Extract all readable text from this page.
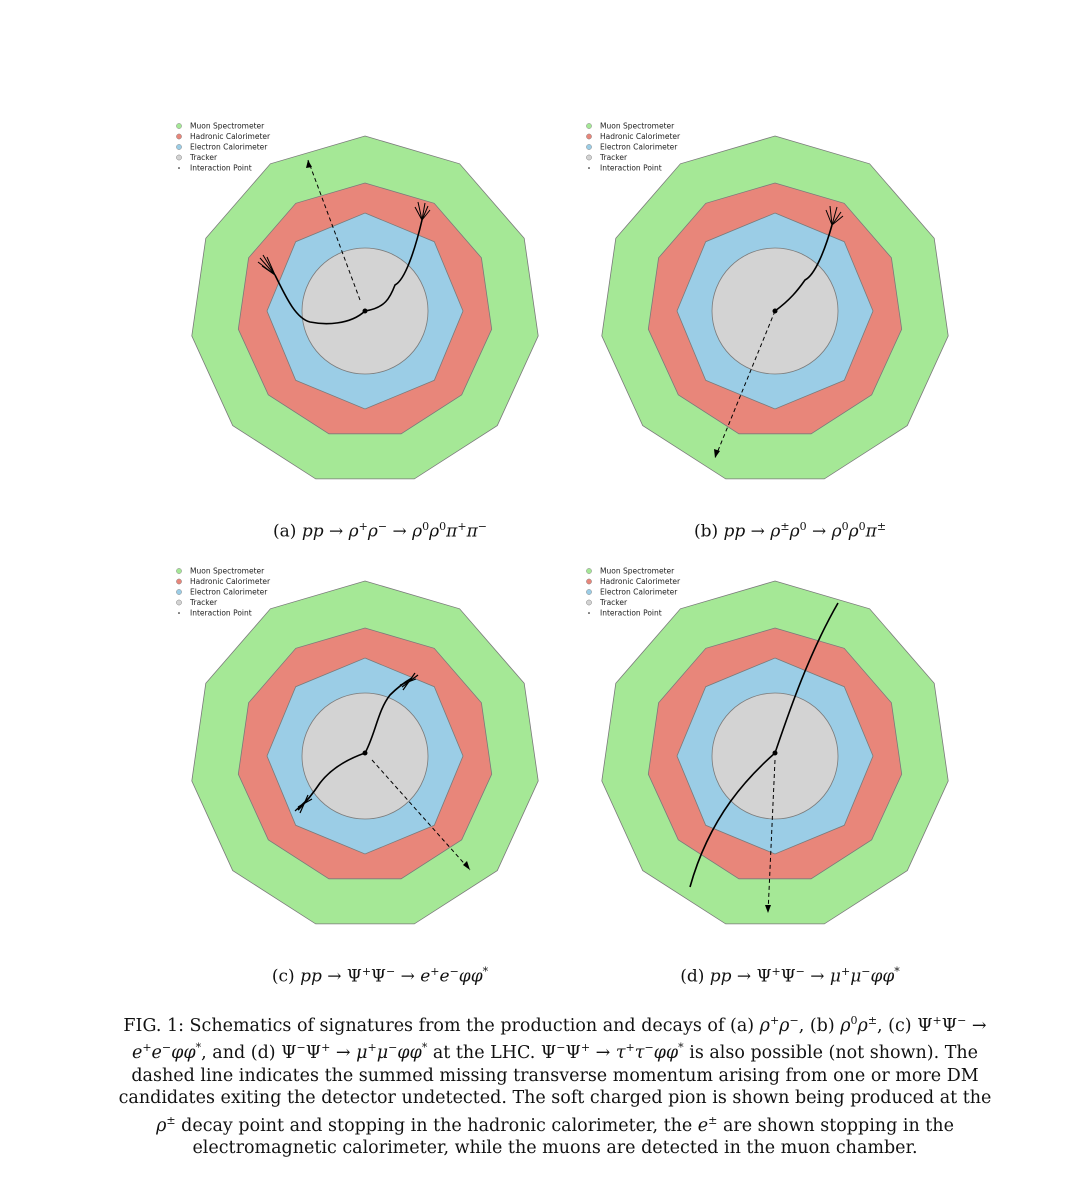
Muon Spectrometer
Hadronic Calorimeter
Electron Calorimeter
Tracker
Interaction Point
(a) pp → $\rho^+\rho^- \to \rho^0\rho^0\pi^+\pi^-$
Muon Spectrometer
Hadronic Calorimeter
Electron Calorimeter
Tracker
Interaction Point
(b) pp → $\rho^\pm\rho^0 \to \rho^0\rho^0\pi^\pm$
Muon Spectrometer
Hadronic Calorimeter
Electron Calorimeter
Tracker
Interaction Point
(c) pp → Ψ+Ψ− → e+e−φφ*
Muon Spectrometer
Hadronic Calorimeter
Electron Calorimeter
Tracker
Interaction Point
(d) pp → Ψ+Ψ− → μ+μ−φφ*
FIG. 1: Schematics of signatures from the production and decays of (a) ρ+ρ−, (b) $\rho^0\rho^\pm$, (c) Ψ+Ψ− → e+e−φφ*, and (d) Ψ−Ψ+ → μ+μ−φφ* at the LHC. Ψ−Ψ+ → τ+τ−φφ* is also possible (not shown). The dashed line indicates the summed missing transverse momentum arising from one or more DM candidates exiting the detector undetected. The soft charged pion is shown being produced at the ρ± decay point and stopping in the hadronic calorimeter, the e± are shown stopping in the electromagnetic calorimeter, while the muons are detected in the muon chamber.
